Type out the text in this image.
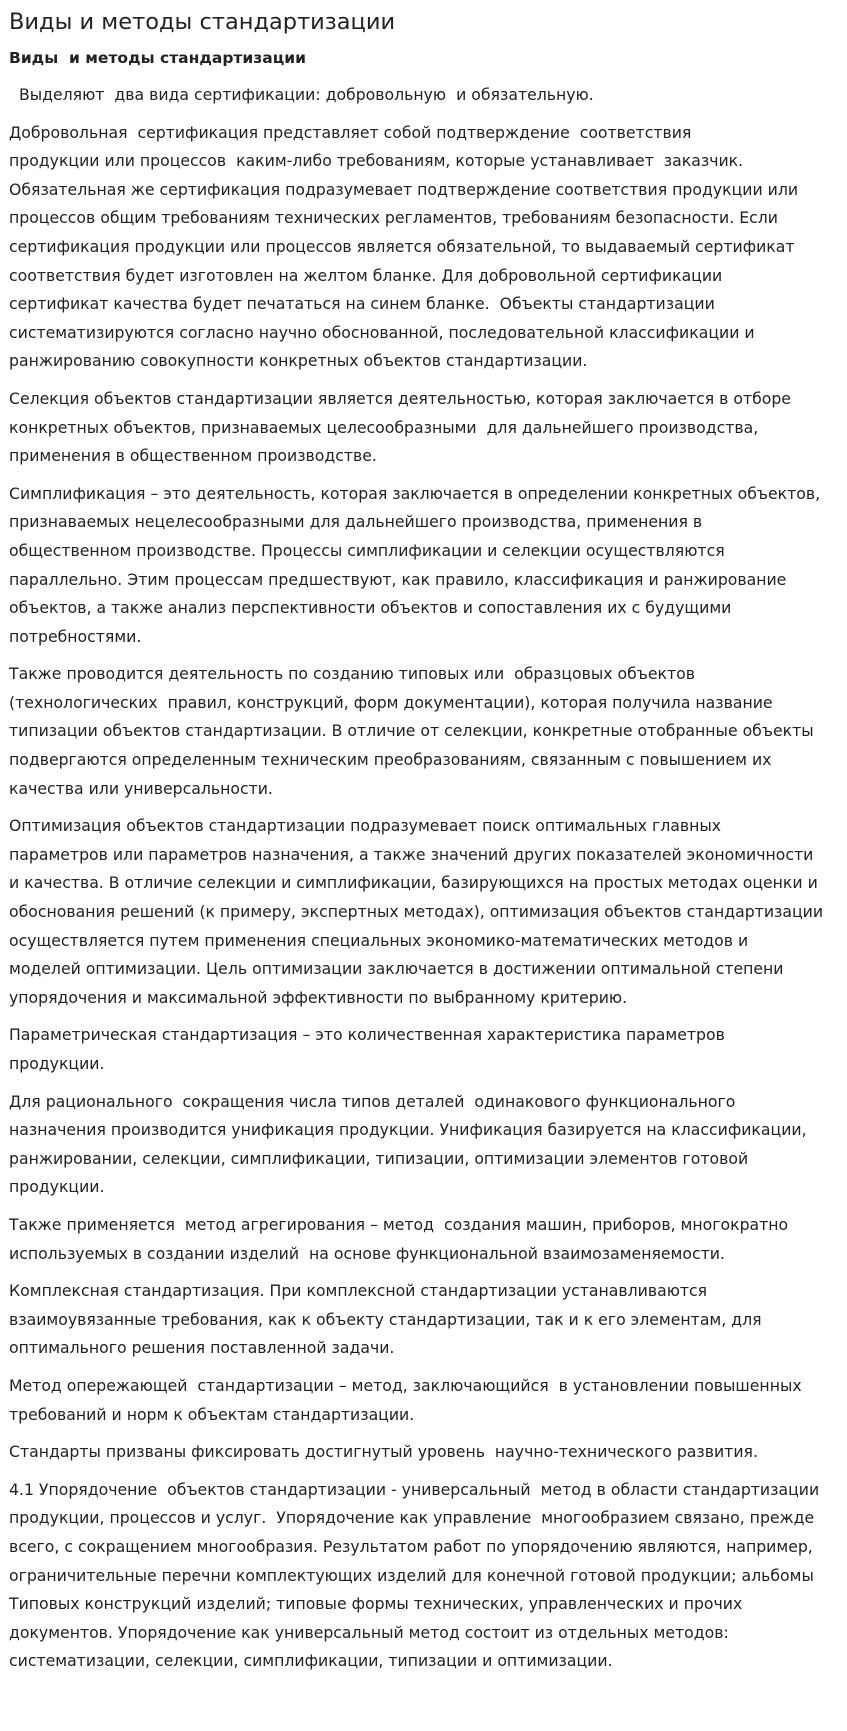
Виды и методы стандартизации
Виды  и методы стандартизации

Выделяют  два вида сертификации: добровольную  и обязательную.

Добровольная  сертификация представляет собой подтверждение  соответствия
продукции или процессов  каким-либо требованиям, которые устанавливает  заказчик.
Обязательная же сертификация подразумевает подтверждение соответствия продукции или
процессов общим требованиям технических регламентов, требованиям безопасности. Если
сертификация продукции или процессов является обязательной, то выдаваемый сертификат
соответствия будет изготовлен на желтом бланке. Для добровольной сертификации
сертификат качества будет печататься на синем бланке.  Объекты стандартизации
систематизируются согласно научно обоснованной, последовательной классификации и
ранжированию совокупности конкретных объектов стандартизации.

Селекция объектов стандартизации является деятельностью, которая заключается в отборе
конкретных объектов, признаваемых целесообразными  для дальнейшего производства,
применения в общественном производстве.

Симплификация – это деятельность, которая заключается в определении конкретных объектов,
признаваемых нецелесообразными для дальнейшего производства, применения в
общественном производстве. Процессы симплификации и селекции осуществляются
параллельно. Этим процессам предшествуют, как правило, классификация и ранжирование
объектов, а также анализ перспективности объектов и сопоставления их с будущими
потребностями.

Также проводится деятельность по созданию типовых или  образцовых объектов
(технологических  правил, конструкций, форм документации), которая получила название
типизации объектов стандартизации. В отличие от селекции, конкретные отобранные объекты
подвергаются определенным техническим преобразованиям, связанным с повышением их
качества или универсальности.

Оптимизация объектов стандартизации подразумевает поиск оптимальных главных
параметров или параметров назначения, а также значений других показателей экономичности
и качества. В отличие селекции и симплификации, базирующихся на простых методах оценки и
обоснования решений (к примеру, экспертных методах), оптимизация объектов стандартизации
осуществляется путем применения специальных экономико-математических методов и
моделей оптимизации. Цель оптимизации заключается в достижении оптимальной степени
упорядочения и максимальной эффективности по выбранному критерию.

Параметрическая стандартизация – это количественная характеристика параметров
продукции.

Для рационального  сокращения числа типов деталей  одинакового функционального
назначения производится унификация продукции. Унификация базируется на классификации,
ранжировании, селекции, симплификации, типизации, оптимизации элементов готовой
продукции.

Также применяется  метод агрегирования – метод  создания машин, приборов, многократно
используемых в создании изделий  на основе функциональной взаимозаменяемости.

Комплексная стандартизация. При комплексной стандартизации устанавливаются
взаимоувязанные требования, как к объекту стандартизации, так и к его элементам, для
оптимального решения поставленной задачи.

Метод опережающей  стандартизации – метод, заключающийся  в установлении повышенных
требований и норм к объектам стандартизации.

Стандарты призваны фиксировать достигнутый уровень  научно-технического развития.

4.1 Упорядочение  объектов стандартизации - универсальный  метод в области стандартизации
продукции, процессов и услуг.  Упорядочение как управление  многообразием связано, прежде
всего, с сокращением многообразия. Результатом работ по упорядочению являются, например,
ограничительные перечни комплектующих изделий для конечной готовой продукции; альбомы
Типовых конструкций изделий; типовые формы технических, управленческих и прочих
документов. Упорядочение как универсальный метод состоит из отдельных методов:
систематизации, селекции, симплификации, типизации и оптимизации.
